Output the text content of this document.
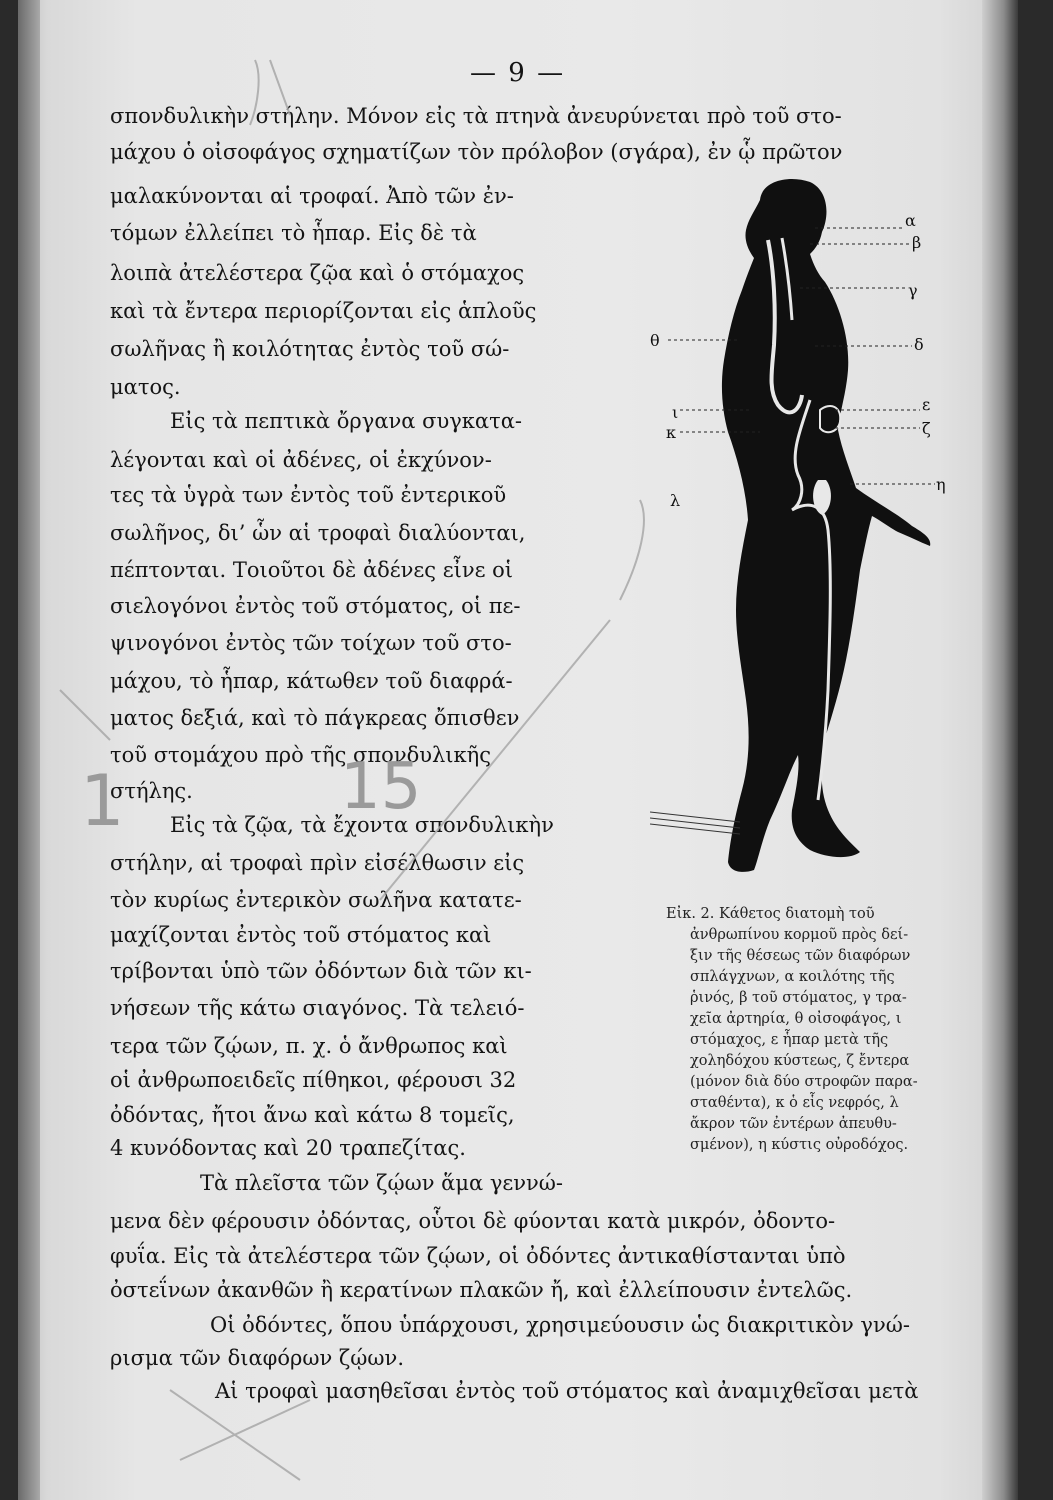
— 9 —
σπονδυλικὴν στήλην. Μόνον εἰς τὰ πτηνὰ ἀνευρύνεται πρὸ τοῦ στο-
μάχου ὁ οἰσοφάγος σχηματίζων τὸν πρόλοβον (σγάρα), ἐν ᾧ πρῶτον
μαλακύνονται αἱ τροφαί. Ἀπὸ τῶν ἐν-
τόμων ἐλλείπει τὸ ἧπαρ. Εἰς δὲ τὰ
λοιπὰ ἀτελέστερα ζῷα καὶ ὁ στόμαχος
καὶ τὰ ἔντερα περιορίζονται εἰς ἁπλοῦς
σωλῆνας ἢ κοιλότητας ἐντὸς τοῦ σώ-
ματος.
Εἰς τὰ πεπτικὰ ὄργανα συγκατα-
λέγονται καὶ οἱ ἀδένες, οἱ ἐκχύνον-
τες τὰ ὑγρὰ των ἐντὸς τοῦ ἐντερικοῦ
σωλῆνος, δι’ ὧν αἱ τροφαὶ διαλύονται,
πέπτονται. Τοιοῦτοι δὲ ἀδένες εἶνε οἱ
σιελογόνοι ἐντὸς τοῦ στόματος, οἱ πε-
ψινογόνοι ἐντὸς τῶν τοίχων τοῦ στο-
μάχου, τὸ ἧπαρ, κάτωθεν τοῦ διαφρά-
ματος δεξιά, καὶ τὸ πάγκρεας ὄπισθεν
τοῦ στομάχου πρὸ τῆς σπονδυλικῆς
στήλης.
Εἰς τὰ ζῷα, τὰ ἔχοντα σπονδυλικὴν
στήλην, αἱ τροφαὶ πρὶν εἰσέλθωσιν εἰς
τὸν κυρίως ἐντερικὸν σωλῆνα κατατε-
μαχίζονται ἐντὸς τοῦ στόματος καὶ
τρίβονται ὑπὸ τῶν ὀδόντων διὰ τῶν κι-
νήσεων τῆς κάτω σιαγόνος. Τὰ τελειό-
τερα τῶν ζῴων, π. χ. ὁ ἄνθρωπος καὶ
οἱ ἀνθρωποειδεῖς πίθηκοι, φέρουσι 32
ὀδόντας, ἤτοι ἄνω καὶ κάτω 8 τομεῖς,
4 κυνόδοντας καὶ 20 τραπεζίτας.
Τὰ πλεῖστα τῶν ζῴων ἅμα γεννώ-
μενα δὲν φέρουσιν ὀδόντας, οὗτοι δὲ φύονται κατὰ μικρόν, ὀδοντο-
φυΐα. Εἰς τὰ ἀτελέστερα τῶν ζῴων, οἱ ὀδόντες ἀντικαθίστανται ὑπὸ
ὀστεΐνων ἀκανθῶν ἢ κερατίνων πλακῶν ἤ, καὶ ἐλλείπουσιν ἐντελῶς.
Οἱ ὀδόντες, ὅπου ὑπάρχουσι, χρησιμεύουσιν ὡς διακριτικὸν γνώ-
ρισμα τῶν διαφόρων ζῴων.
Αἱ τροφαὶ μασηθεῖσαι ἐντὸς τοῦ στόματος καὶ ἀναμιχθεῖσαι μετὰ
α
β
γ
δ
θ
ε
ζ
ι
κ
η
λ
Εἰκ. 2. Κάθετος διατομὴ τοῦ
ἀνθρωπίνου κορμοῦ πρὸς δεί-
ξιν τῆς θέσεως τῶν διαφόρων
σπλάγχνων, α κοιλότης τῆς
ῥινός, β τοῦ στόματος, γ τρα-
χεῖα ἀρτηρία, θ οἰσοφάγος, ι
στόμαχος, ε ἧπαρ μετὰ τῆς
χοληδόχου κύστεως, ζ ἔντερα
(μόνον διὰ δύο στροφῶν παρα-
σταθέντα), κ ὁ εἷς νεφρός, λ
ἄκρον τῶν ἐντέρων ἀπευθυ-
σμένον), η κύστις οὐροδόχος.
1	15
